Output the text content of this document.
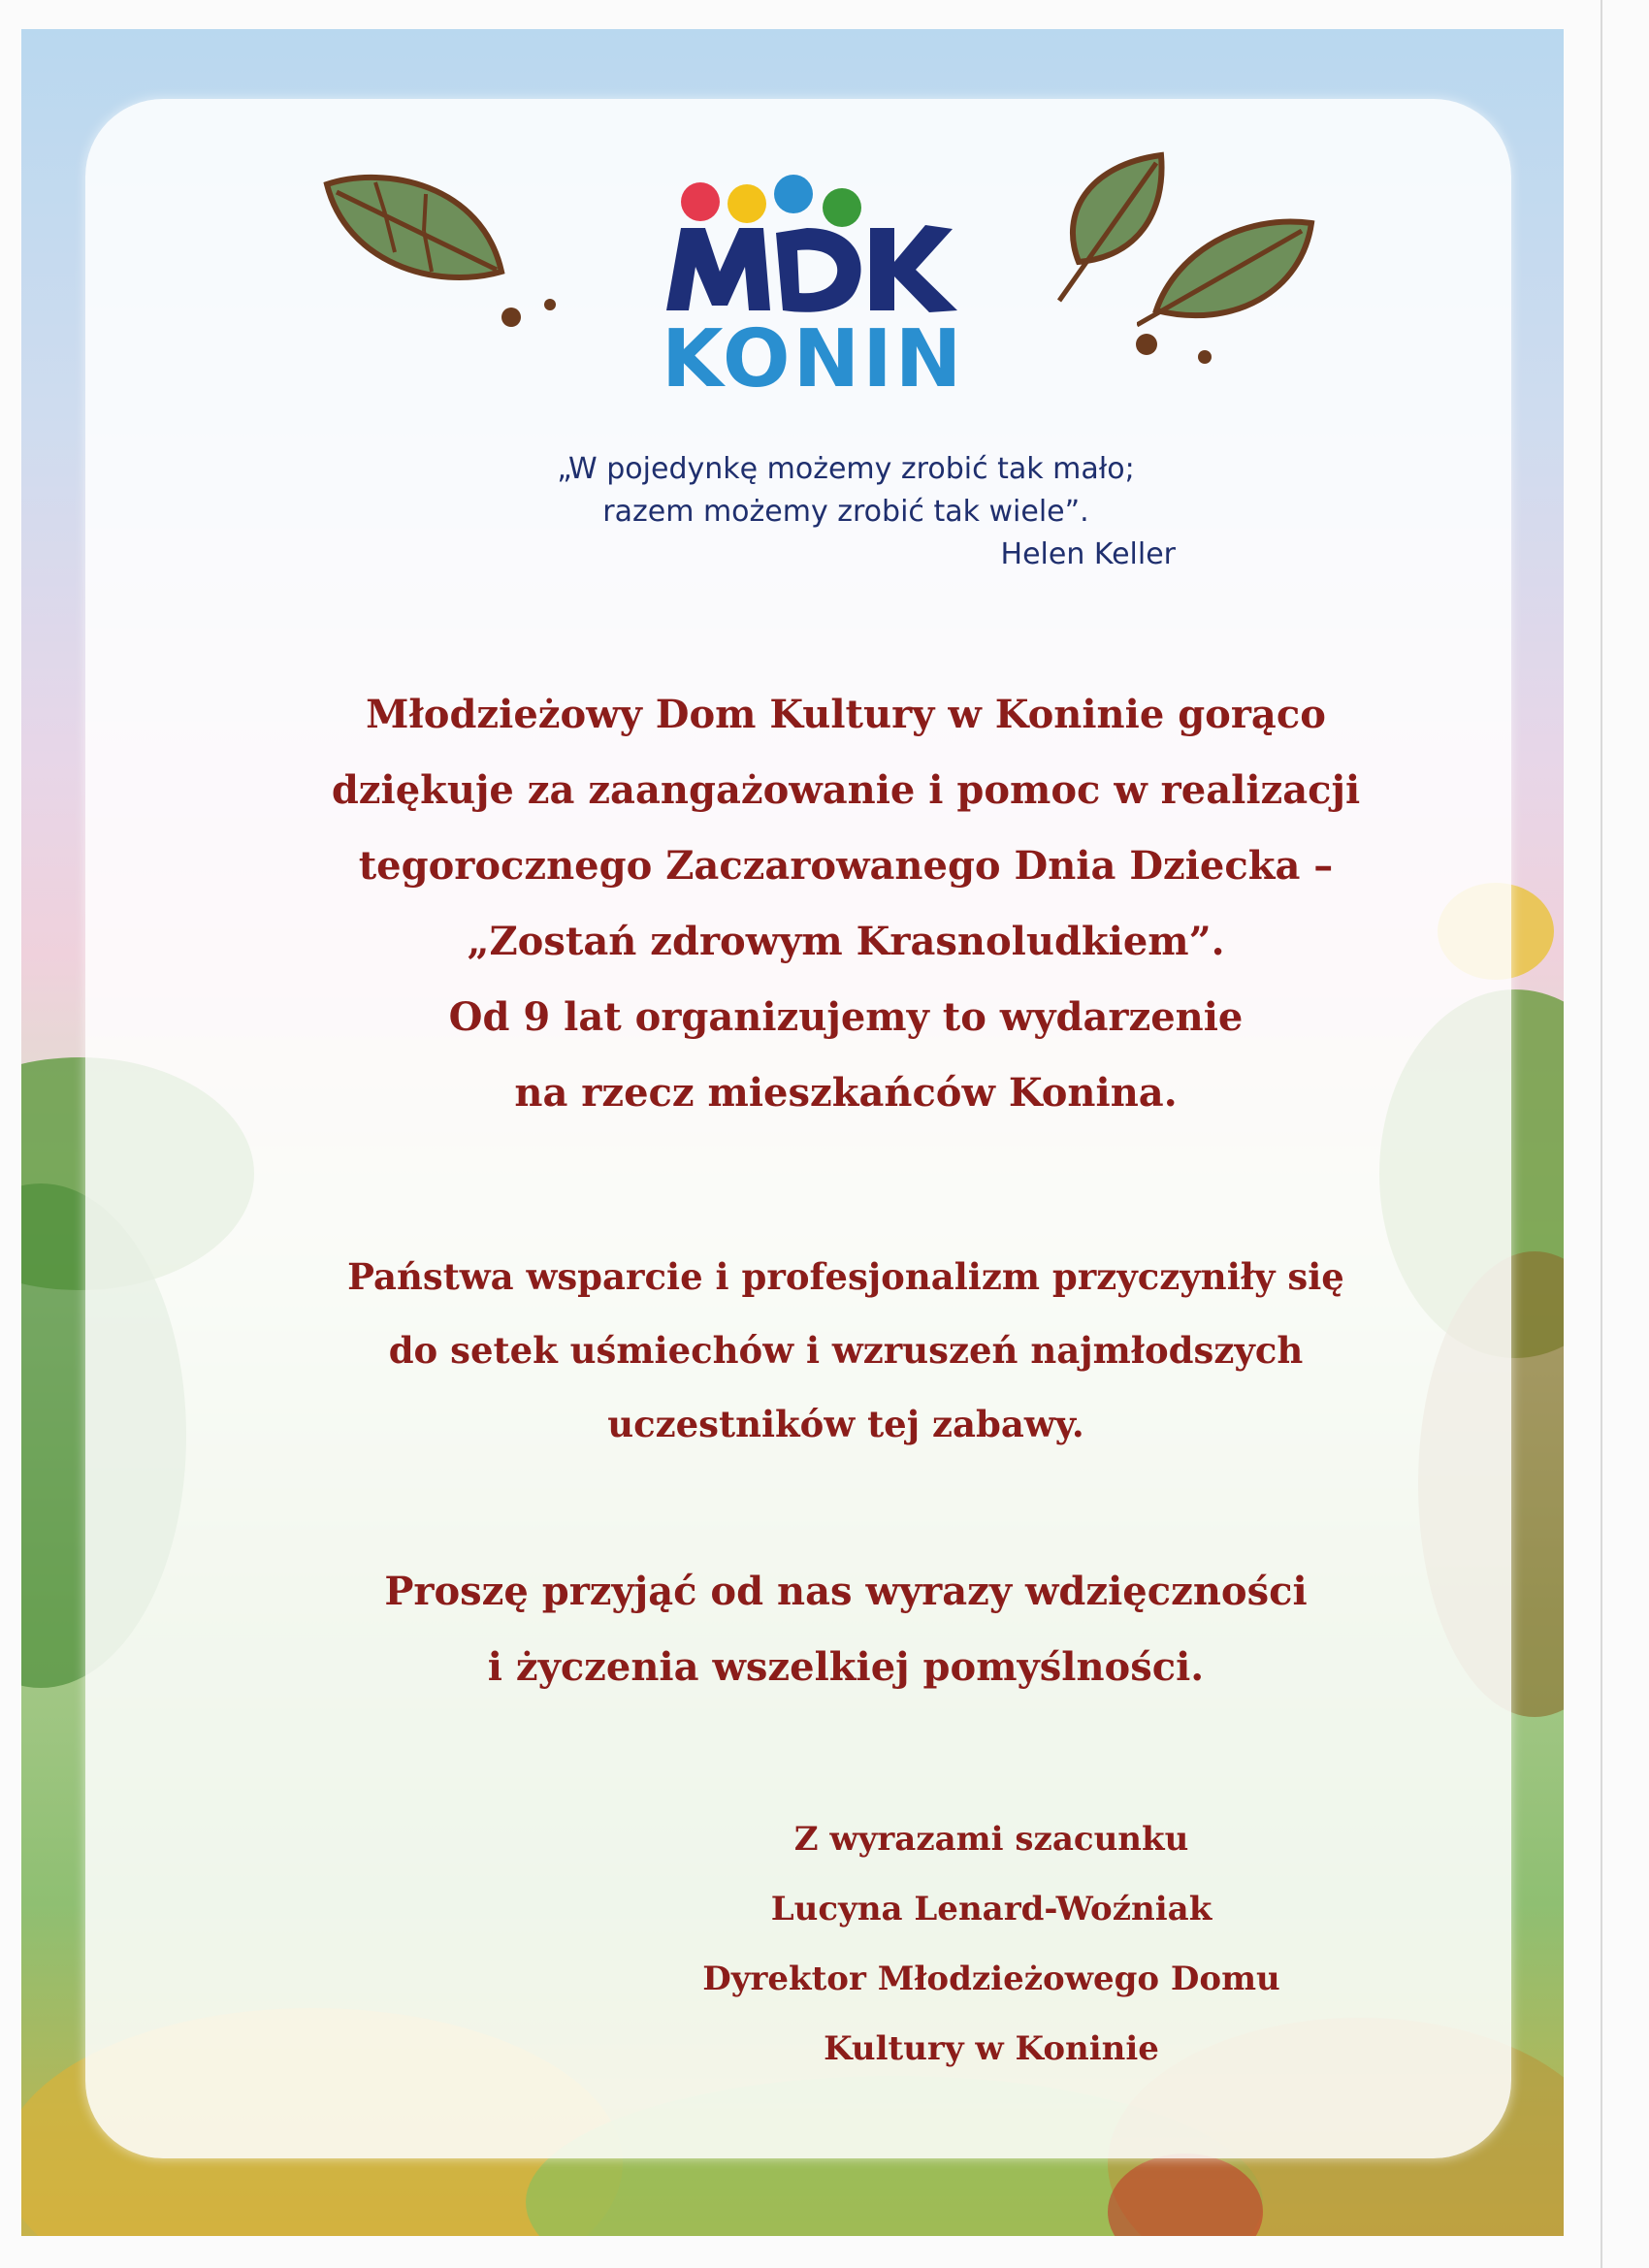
KONIN
„W pojedynkę możemy zrobić tak mało;
razem możemy zrobić tak wiele”.
Helen Keller
Młodzieżowy Dom Kultury w Koninie gorąco
dziękuje za zaangażowanie i pomoc w realizacji
tegorocznego Zaczarowanego Dnia Dziecka –
„Zostań zdrowym Krasnoludkiem”.
Od 9 lat organizujemy to wydarzenie
na rzecz mieszkańców Konina.
Państwa wsparcie i profesjonalizm przyczyniły się
do setek uśmiechów i wzruszeń najmłodszych
uczestników tej zabawy.
Proszę przyjąć od nas wyrazy wdzięczności
i życzenia wszelkiej pomyślności.
Z wyrazami szacunku
Lucyna Lenard-Woźniak
Dyrektor Młodzieżowego Domu
Kultury w Koninie
